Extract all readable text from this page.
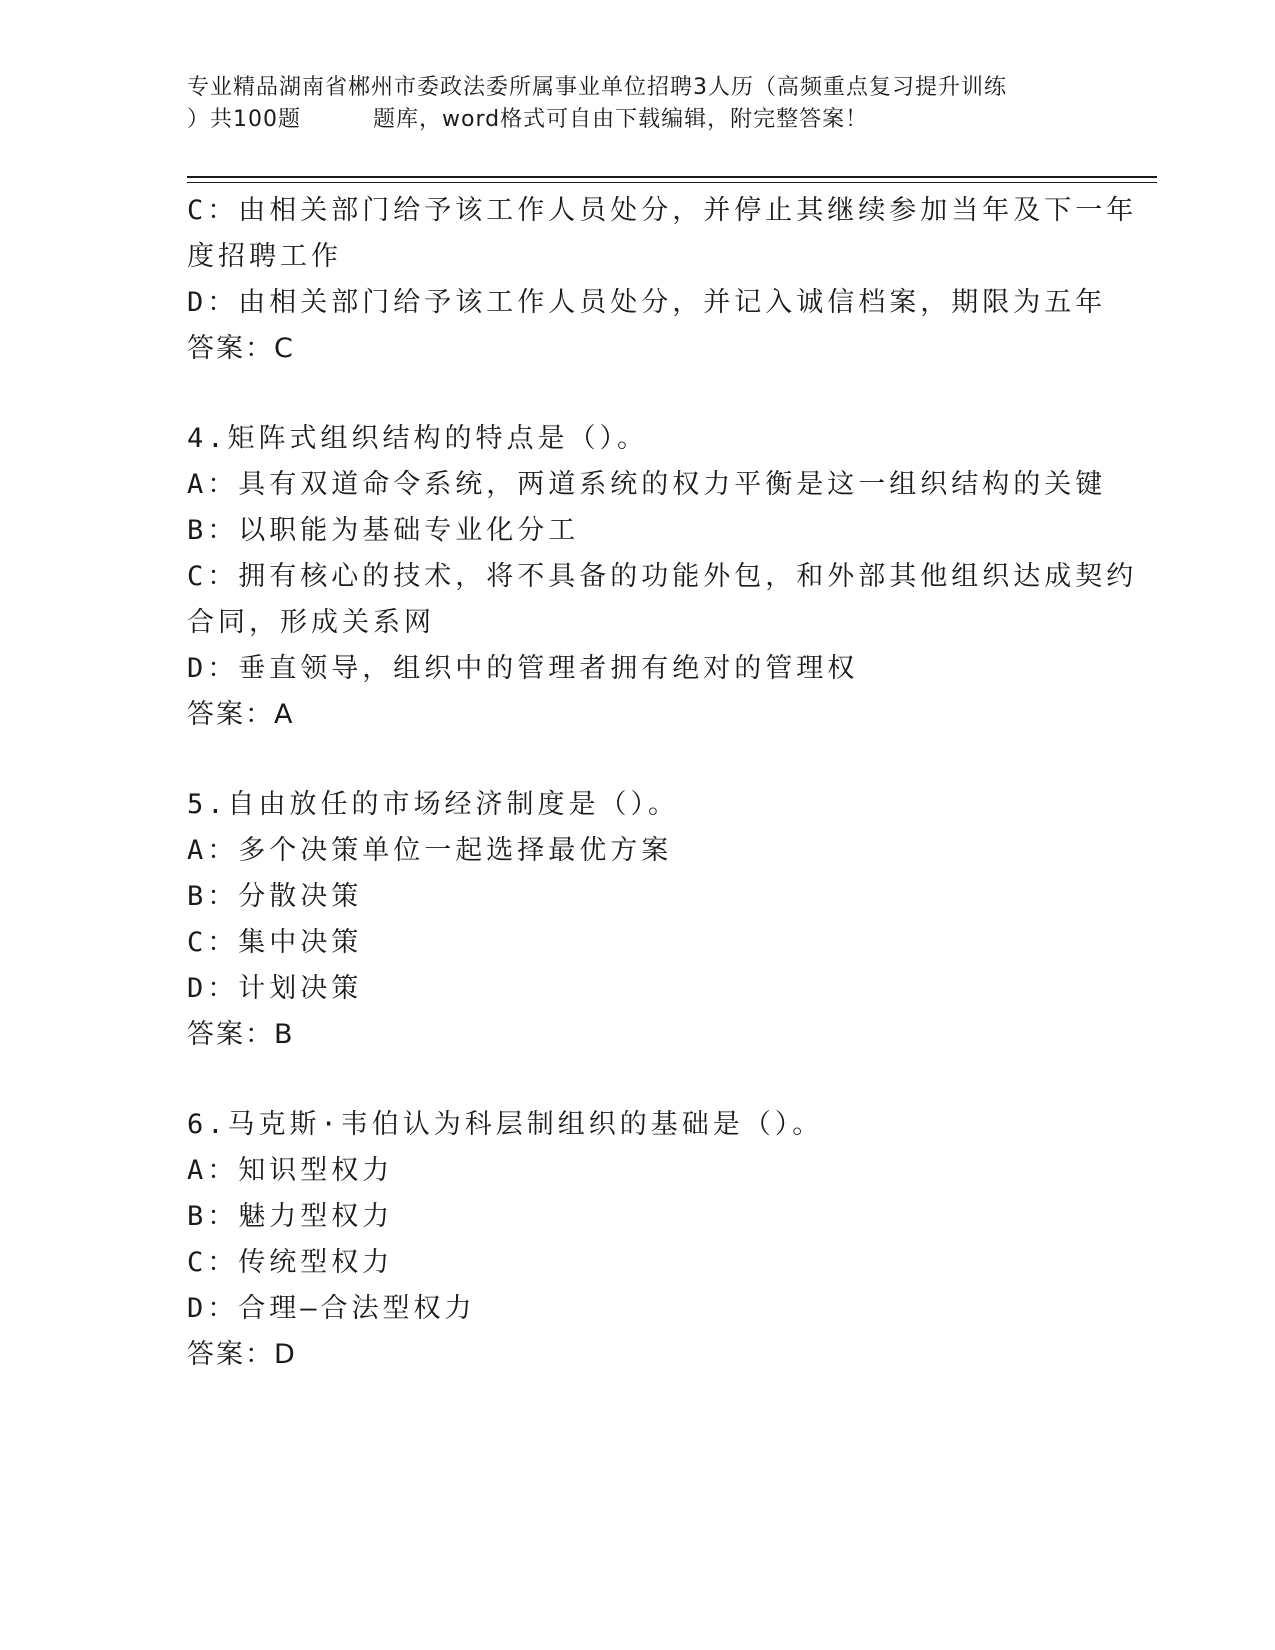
专业精品湖南省郴州市委政法委所属事业单位招聘3人历（高频重点复习提升训练
）共100题	题库，word格式可自由下载编辑，附完整答案！
C：由相关部门给予该工作人员处分，并停止其继续参加当年及下一年
度招聘工作
D：由相关部门给予该工作人员处分，并记入诚信档案，期限为五年
答案：C
4.矩阵式组织结构的特点是（）。
A：具有双道命令系统，两道系统的权力平衡是这一组织结构的关键
B：以职能为基础专业化分工
C：拥有核心的技术，将不具备的功能外包，和外部其他组织达成契约
合同，形成关系网
D：垂直领导，组织中的管理者拥有绝对的管理权
答案：A
5.自由放任的市场经济制度是（）。
A：多个决策单位一起选择最优方案
B：分散决策
C：集中决策
D：计划决策
答案：B
6.马克斯·韦伯认为科层制组织的基础是（）。
A：知识型权力
B：魅力型权力
C：传统型权力
D：合理—合法型权力
答案：D
